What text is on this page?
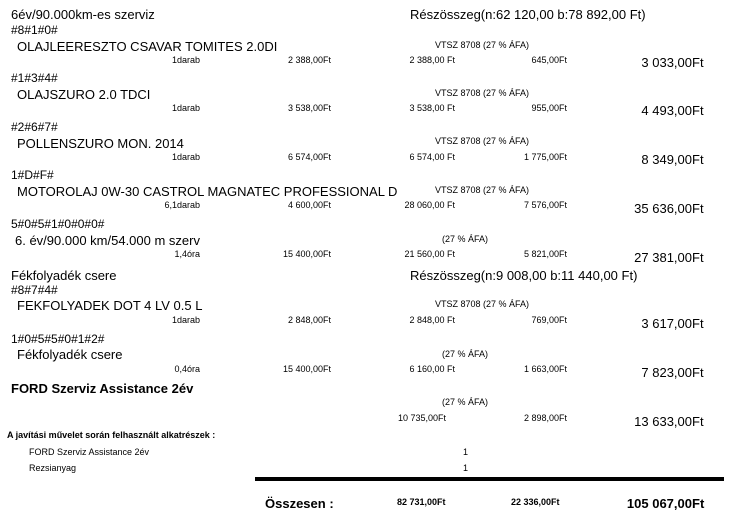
6év/90.000km-es szerviz	Részösszeg(n:62 120,00 b:78 892,00 Ft)
#8#1#0#
OLAJLEERESZTO CSAVAR TOMITES 2.0DI	VTSZ 8708 (27 % ÁFA)
1darab	2 388,00Ft	2 388,00 Ft	645,00Ft	3 033,00 Ft
#1#3#4#
OLAJSZURO 2.0 TDCI	VTSZ 8708 (27 % ÁFA)
1darab	3 538,00Ft	3 538,00 Ft	955,00Ft	4 493,00 Ft
#2#6#7#
POLLENSZURO MON. 2014	VTSZ 8708 (27 % ÁFA)
1darab	6 574,00Ft	6 574,00 Ft	1 775,00Ft	8 349,00 Ft
1#D#F#
MOTOROLAJ 0W-30 CASTROL MAGNATEC PROFESSIONAL D	VTSZ 8708 (27 % ÁFA)
6,1darab	4 600,00Ft	28 060,00 Ft	7 576,00Ft	35 636,00 Ft
5#0#5#1#0#0#0#
6. év/90.000 km/54.000 m szerv	(27 % ÁFA)
1,4óra	15 400,00Ft	21 560,00 Ft	5 821,00Ft	27 381,00 Ft
Fékfolyadék csere	Részösszeg(n:9 008,00 b:11 440,00 Ft)
#8#7#4#
FEKFOLYADEK DOT 4 LV 0.5 L	VTSZ 8708 (27 % ÁFA)
1darab	2 848,00Ft	2 848,00 Ft	769,00Ft	3 617,00 Ft
1#0#5#5#0#1#2#
Fékfolyadék csere	(27 % ÁFA)
0,4óra	15 400,00Ft	6 160,00 Ft	1 663,00Ft	7 823,00 Ft
FORD Szerviz Assistance 2év
(27 % ÁFA)
10 735,00 Ft	2 898,00Ft	13 633,00 Ft
A javítási művelet során felhasznált alkatrészek :
FORD Szerviz Assistance 2év	1
Rezsianyag	1
Összesen :	82 731,00 Ft	22 336,00 Ft	105 067,00 Ft
